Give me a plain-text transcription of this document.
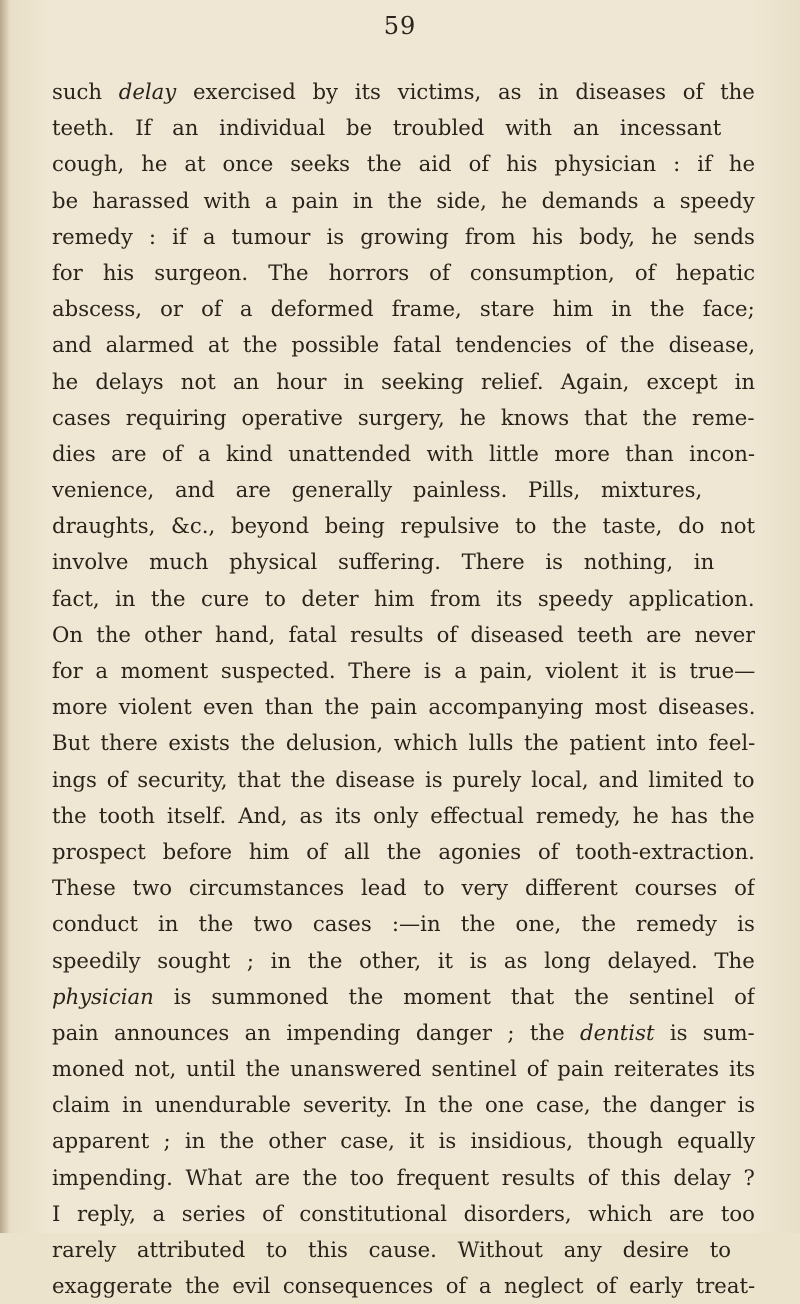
59
such delay exercised by its victims, as in diseases of the
teeth. If an individual be troubled with an incessant
cough, he at once seeks the aid of his physician : if he
be harassed with a pain in the side, he demands a speedy
remedy : if a tumour is growing from his body, he sends
for his surgeon. The horrors of consumption, of hepatic
abscess, or of a deformed frame, stare him in the face;
and alarmed at the possible fatal tendencies of the disease,
he delays not an hour in seeking relief. Again, except in
cases requiring operative surgery, he knows that the reme-
dies are of a kind unattended with little more than incon-
venience, and are generally painless. Pills, mixtures,
draughts, &c., beyond being repulsive to the taste, do not
involve much physical suffering. There is nothing, in
fact, in the cure to deter him from its speedy application.
On the other hand, fatal results of diseased teeth are never
for a moment suspected. There is a pain, violent it is true—
more violent even than the pain accompanying most diseases.
But there exists the delusion, which lulls the patient into feel-
ings of security, that the disease is purely local, and limited to
the tooth itself. And, as its only effectual remedy, he has the
prospect before him of all the agonies of tooth-extraction.
These two circumstances lead to very different courses of
conduct in the two cases :—in the one, the remedy is
speedily sought ; in the other, it is as long delayed. The
physician is summoned the moment that the sentinel of
pain announces an impending danger ; the dentist is sum-
moned not, until the unanswered sentinel of pain reiterates its
claim in unendurable severity. In the one case, the danger is
apparent ; in the other case, it is insidious, though equally
impending. What are the too frequent results of this delay ?
I reply, a series of constitutional disorders, which are too
rarely attributed to this cause. Without any desire to
exaggerate the evil consequences of a neglect of early treat-
